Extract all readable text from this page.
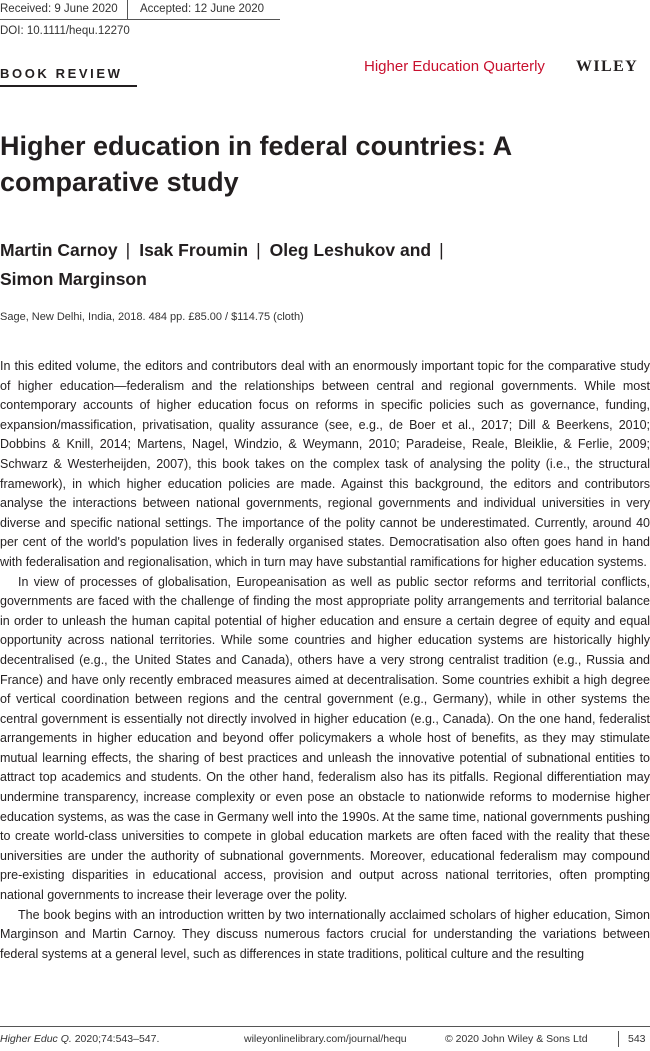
Received: 9 June 2020 Accepted: 12 June 2020
DOI: 10.1111/hequ.12270
BOOK REVIEW	Higher Education Quarterly WILEY
Higher education in federal countries: A comparative study
Martin Carnoy | Isak Froumin | Oleg Leshukov and |
Simon Marginson
Sage, New Delhi, India, 2018. 484 pp. £85.00 / $114.75 (cloth)

In this edited volume, the editors and contributors deal with an enormously important topic for the comparative study of higher education—federalism and the relationships between central and regional governments. While most contemporary accounts of higher education focus on reforms in specific policies such as governance, funding, expansion/massification, privatisation, quality assurance (see, e.g., de Boer et al., 2017; Dill & Beerkens, 2010; Dobbins & Knill, 2014; Martens, Nagel, Windzio, & Weymann, 2010; Paradeise, Reale, Bleiklie, & Ferlie, 2009; Schwarz & Westerheijden, 2007), this book takes on the complex task of analysing the polity (i.e., the structural framework), in which higher education policies are made. Against this background, the editors and contributors analyse the interactions between national governments, regional governments and individual universities in very diverse and specific national settings. The importance of the polity cannot be underestimated. Currently, around 40 per cent of the world's population lives in federally organised states. Democratisation also often goes hand in hand with federalisation and regionalisation, which in turn may have substantial ramifications for higher education systems.

In view of processes of globalisation, Europeanisation as well as public sector reforms and territorial conflicts, governments are faced with the challenge of finding the most appropriate polity arrangements and territorial balance in order to unleash the human capital potential of higher education and ensure a certain degree of equity and equal opportunity across national territories. While some countries and higher education systems are historically highly decentralised (e.g., the United States and Canada), others have a very strong centralist tradition (e.g., Russia and France) and have only recently embraced measures aimed at decentralisation. Some countries exhibit a high degree of vertical coordination between regions and the central government (e.g., Germany), while in other systems the central government is essentially not directly involved in higher education (e.g., Canada). On the one hand, federalist arrangements in higher education and beyond offer policymakers a whole host of benefits, as they may stimulate mutual learning effects, the sharing of best practices and unleash the innovative potential of subnational entities to attract top academics and students. On the other hand, federalism also has its pitfalls. Regional differentiation may undermine transparency, increase complexity or even pose an obstacle to nationwide reforms to modernise higher education systems, as was the case in Germany well into the 1990s. At the same time, national governments pushing to create world-class universities to compete in global education markets are often faced with the reality that these universities are under the authority of subnational governments. Moreover, educational federalism may compound pre-existing disparities in educational access, provision and output across national territories, often prompting national governments to increase their leverage over the polity.

The book begins with an introduction written by two internationally acclaimed scholars of higher education, Simon Marginson and Martin Carnoy. They discuss numerous factors crucial for understanding the variations between federal systems at a general level, such as differences in state traditions, political culture and the resulting

Higher Educ Q. 2020;74:543–547.	wileyonlinelibrary.com/journal/hequ	© 2020 John Wiley & Sons Ltd	543
